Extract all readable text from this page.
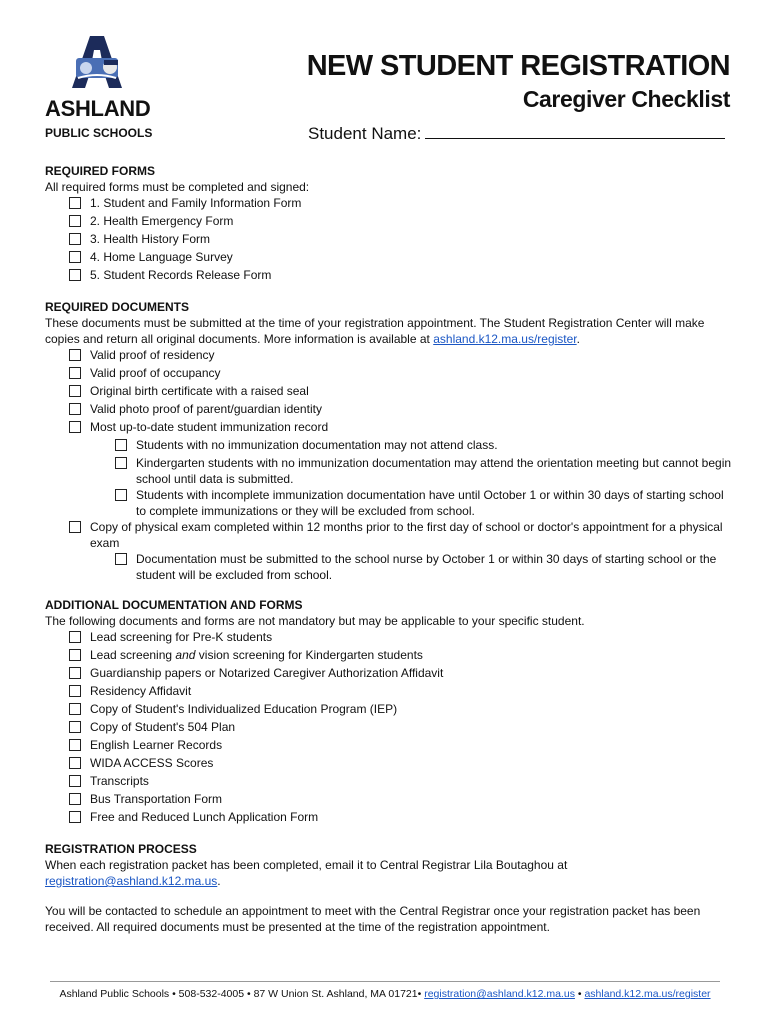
ASHLAND
PUBLIC SCHOOLS
NEW STUDENT REGISTRATION
Caregiver Checklist
Student Name:
REQUIRED FORMS
All required forms must be completed and signed:
1. Student and Family Information Form
2. Health Emergency Form
3. Health History Form
4. Home Language Survey
5. Student Records Release Form
REQUIRED DOCUMENTS
These documents must be submitted at the time of your registration appointment. The Student Registration Center will make copies and return all original documents. More information is available at ashland.k12.ma.us/register.
Valid proof of residency
Valid proof of occupancy
Original birth certificate with a raised seal
Valid photo proof of parent/guardian identity
Most up-to-date student immunization record
Students with no immunization documentation may not attend class.
Kindergarten students with no immunization documentation may attend the orientation meeting but cannot begin school until data is submitted.
Students with incomplete immunization documentation have until October 1 or within 30 days of starting school to complete immunizations or they will be excluded from school.
Copy of physical exam completed within 12 months prior to the first day of school or doctor's appointment for a physical exam
Documentation must be submitted to the school nurse by October 1 or within 30 days of starting school or the student will be excluded from school.
ADDITIONAL DOCUMENTATION AND FORMS
The following documents and forms are not mandatory but may be applicable to your specific student.
Lead screening for Pre-K students
Lead screening and vision screening for Kindergarten students
Guardianship papers or Notarized Caregiver Authorization Affidavit
Residency Affidavit
Copy of Student's Individualized Education Program (IEP)
Copy of Student's 504 Plan
English Learner Records
WIDA ACCESS Scores
Transcripts
Bus Transportation Form
Free and Reduced Lunch Application Form
REGISTRATION PROCESS
When each registration packet has been completed, email it to Central Registrar Lila Boutaghou at registration@ashland.k12.ma.us.
You will be contacted to schedule an appointment to meet with the Central Registrar once your registration packet has been received. All required documents must be presented at the time of the registration appointment.
Ashland Public Schools • 508-532-4005 • 87 W Union St. Ashland, MA 01721• registration@ashland.k12.ma.us • ashland.k12.ma.us/register
